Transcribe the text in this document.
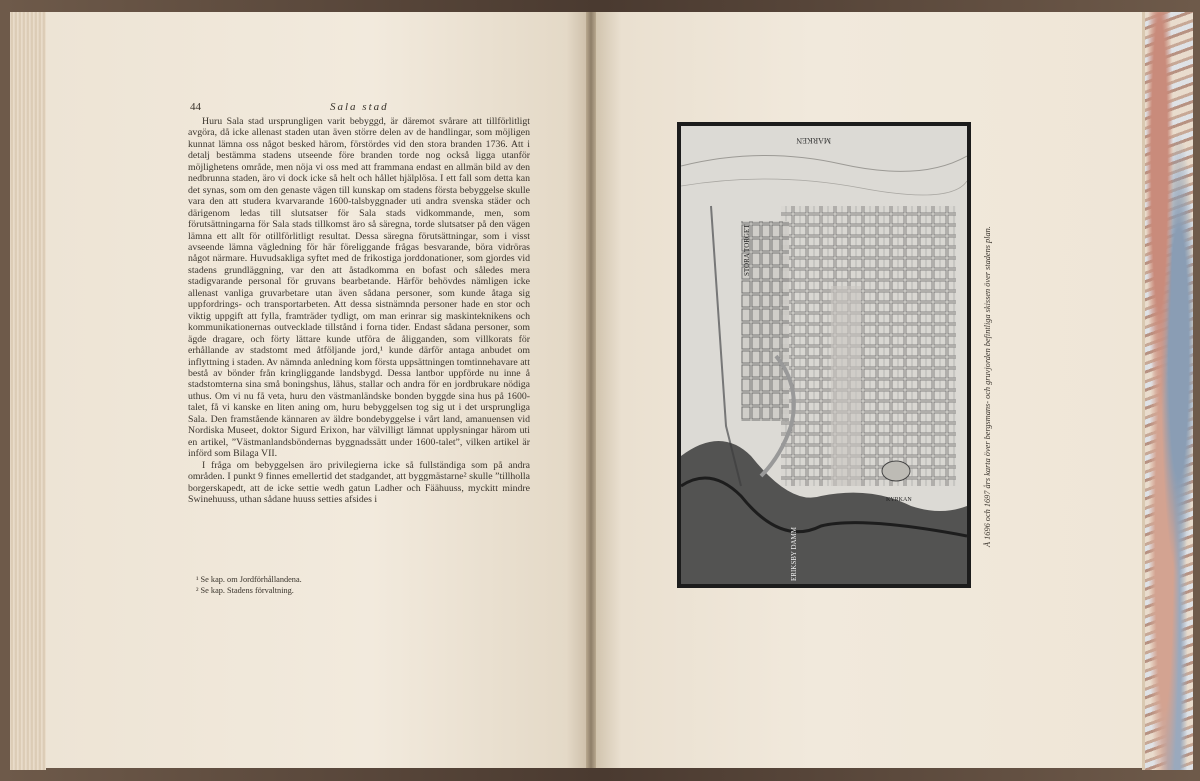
44	Sala stad

Huru Sala stad ursprungligen varit bebyggd, är däremot svårare att tillförlitligt avgöra, då icke allenast staden utan även större delen av de handlingar, som möjligen kunnat lämna oss något besked härom, förstördes vid den stora branden 1736. Att i detalj bestämma stadens utseende före branden torde nog också ligga utanför möjlighetens område, men nöja vi oss med att frammana endast en allmän bild av den nedbrunna staden, äro vi dock icke så helt och hållet hjälplösa. I ett fall som detta kan det synas, som om den genaste vägen till kunskap om stadens första bebyggelse skulle vara den att studera kvarvarande 1600-talsbyggnader uti andra svenska städer och därigenom ledas till slutsatser för Sala stads vidkommande, men, som förutsättningarna för Sala stads tillkomst äro så säregna, torde slutsatser på den vägen lämna ett allt för otillförlitligt resultat. Dessa säregna förutsättningar, som i visst avseende lämna vägledning för här föreliggande frågas besvarande, böra vidröras något närmare. Huvudsakliga syftet med de frikostiga jorddonationer, som gjordes vid stadens grundläggning, var den att åstadkomma en bofast och således mera stadigvarande personal för gruvans bearbetande. Härför behövdes nämligen icke allenast vanliga gruvarbetare utan även sådana personer, som kunde åtaga sig uppfordrings- och transportarbeten. Att dessa sistnämnda personer hade en stor och viktig uppgift att fylla, framträder tydligt, om man erinrar sig maskinteknikens och kommunikationernas outvecklade tillstånd i forna tider. Endast sådana personer, som ägde dragare, och förty lättare kunde utföra de åligganden, som villkorats för erhållande av stadstomt med åtföljande jord,¹ kunde därför antaga anbudet om inflyttning i staden. Av nämnda anledning kom första uppsättningen tomtinnehavare att bestå av bönder från kringliggande landsbygd. Dessa lantbor uppförde nu inne å stadstomterna sina små boningshus, lähus, stallar och andra för en jordbrukare nödiga uthus. Om vi nu få veta, huru den västmanländske bonden byggde sina hus på 1600-talet, få vi kanske en liten aning om, huru bebyggelsen tog sig ut i det ursprungliga Sala. Den framstående kännaren av äldre bondebyggelse i vårt land, amanuensen vid Nordiska Museet, doktor Sigurd Erixon, har välvilligt lämnat upplysningar härom uti en artikel, ”Västmanlandsböndernas byggnadssätt under 1600-talet”, vilken artikel är införd som Bilaga VII.

I fråga om bebyggelsen äro privilegierna icke så fullständiga som på andra områden. I punkt 9 finnes emellertid det stadgandet, att byggmästarne² skulle ”tillholla borgerskapedt, att de icke settie wedh gatun Ladher och Fäähuuss, myckitt mindre Swinehuuss, uthan sådane huuss setties afsides i

¹ Se kap. om Jordförhållandena.
² Se kap. Stadens förvaltning.
MARKEN
STORA TORGET
KYRKAN
ERIKSBY DAMM
Å 1696 och 1697 års karta över bergsmans- och gruvjorden befintliga skissen över stadens plan.
